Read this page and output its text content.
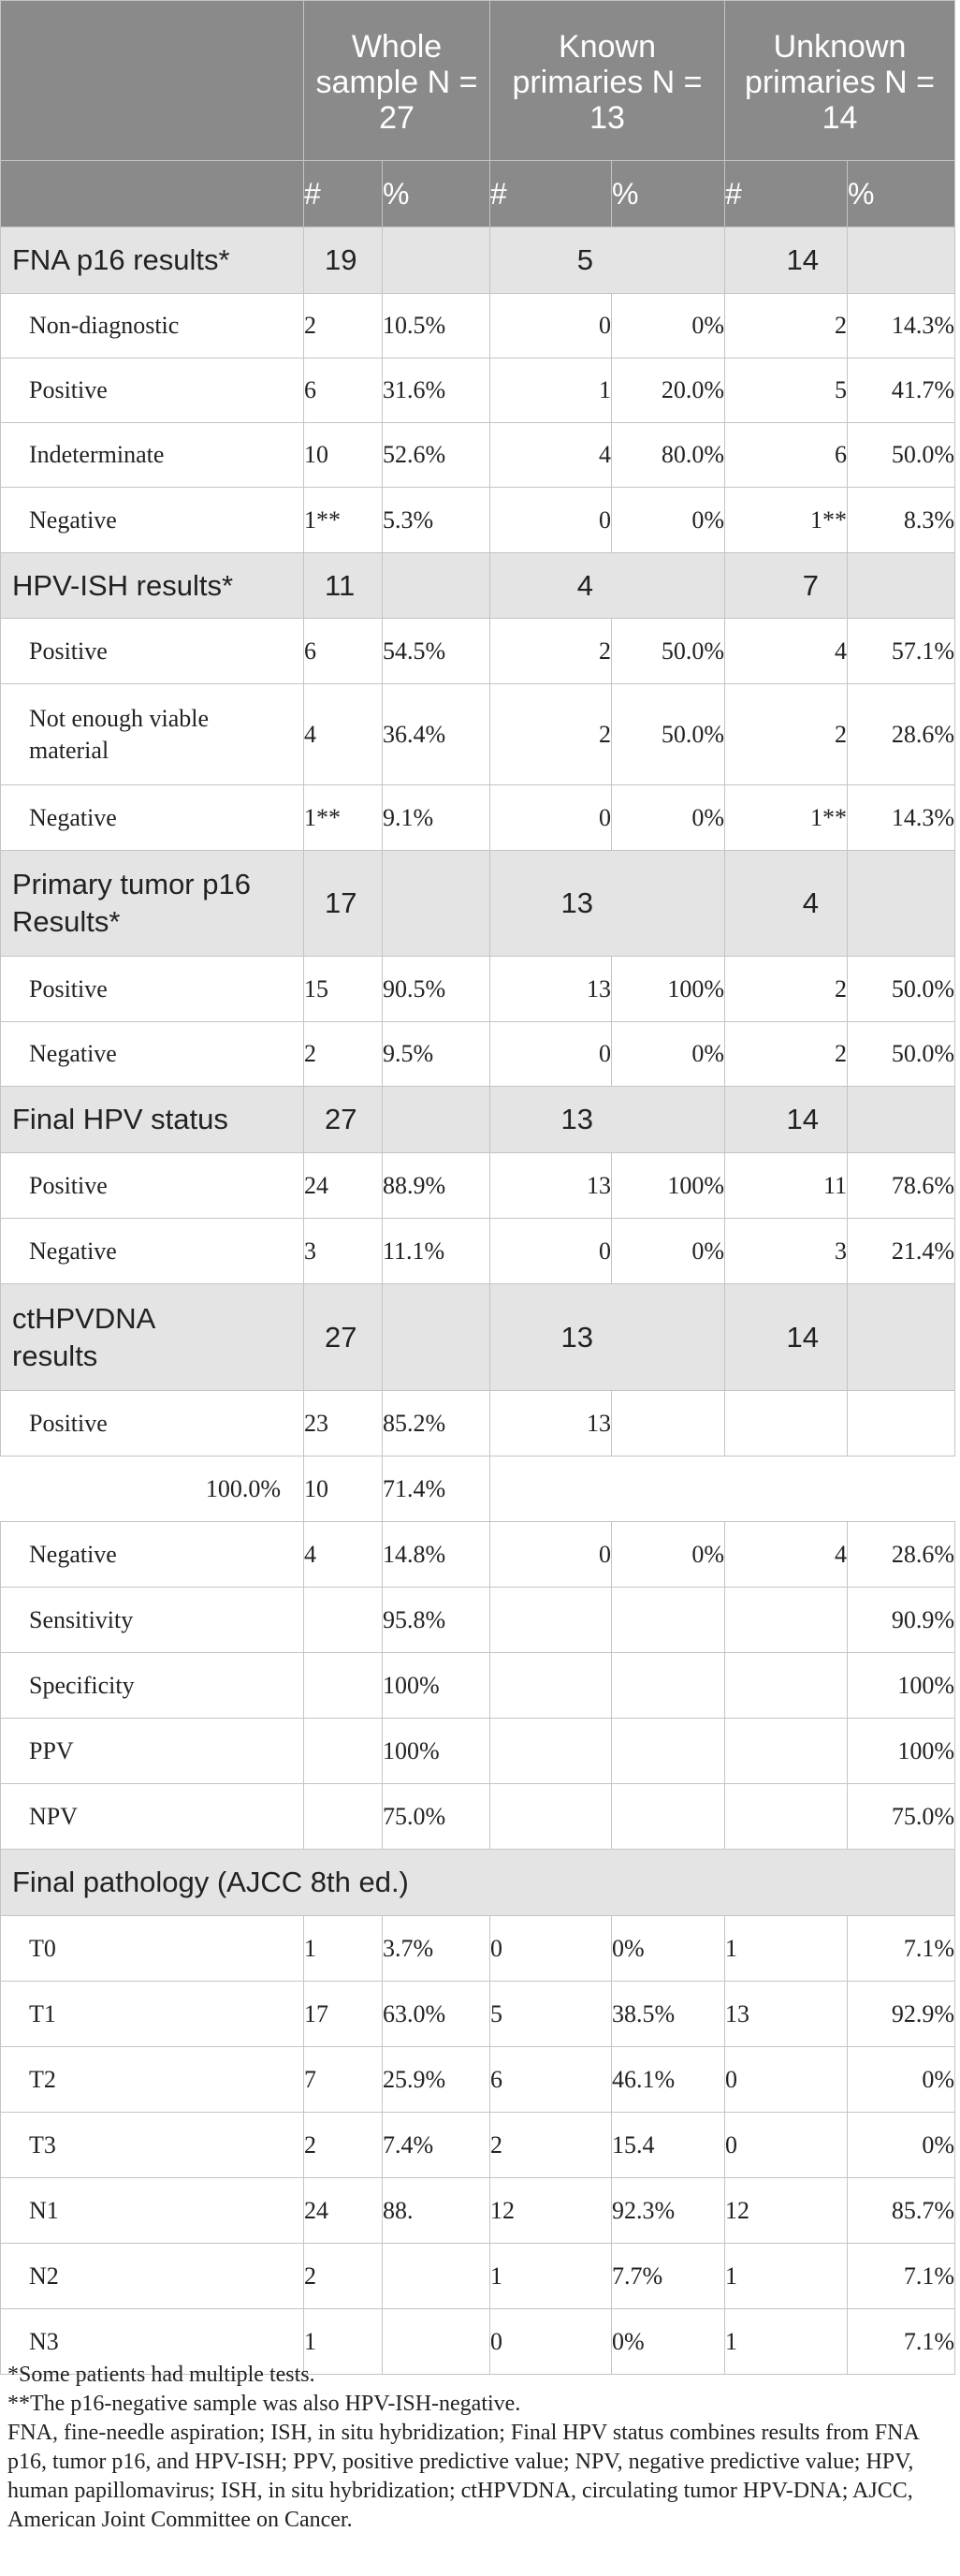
	Whole sample N = 27		Known primaries N = 13		Unknown primaries N = 14	
	#	%	#	%	#	%
FNA p16 results*	19		5		14	
Non-diagnostic	2	10.5%	0	0%	2	14.3%
Positive	6	31.6%	1	20.0%	5	41.7%
Indeterminate	10	52.6%	4	80.0%	6	50.0%
Negative	1**	5.3%	0	0%	1**	8.3%
HPV-ISH results*	11		4		7	
Positive	6	54.5%	2	50.0%	4	57.1%
Not enough viable material	4	36.4%	2	50.0%	2	28.6%
Negative	1**	9.1%	0	0%	1**	14.3%
Primary tumor p16 Results*	17		13		4	
Positive	15	90.5%	13	100%	2	50.0%
Negative	2	9.5%	0	0%	2	50.0%
Final HPV status	27		13		14	
Positive	24	88.9%	13	100%	11	78.6%
Negative	3	11.1%	0	0%	3	21.4%
ctHPVDNA results	27		13		14	
Positive	23	85.2%	13			
100.0%	10	71.4%				
Negative	4	14.8%	0	0%	4	28.6%
Sensitivity		95.8%				90.9%
Specificity		100%				100%
PPV		100%				100%
NPV		75.0%				75.0%
Final pathology (AJCC 8th ed.)						
T0	1	3.7%	0	0%	1	7.1%
T1	17	63.0%	5	38.5%	13	92.9%
T2	7	25.9%	6	46.1%	0	0%
T3	2	7.4%	2	15.4	0	0%
N1	24	88.	12	92.3%	12	85.7%
N2	2		1	7.7%	1	7.1%
N3	1		0	0%	1	7.1%

*Some patients had multiple tests.

**The p16-negative sample was also HPV-ISH-negative.

FNA, fine-needle aspiration; ISH, in situ hybridization; Final HPV status combines results from FNA p16, tumor p16, and HPV-ISH; PPV, positive predictive value; NPV, negative predictive value; HPV, human papillomavirus; ISH, in situ hybridization; ctHPVDNA, circulating tumor HPV-DNA; AJCC, American Joint Committee on Cancer.
